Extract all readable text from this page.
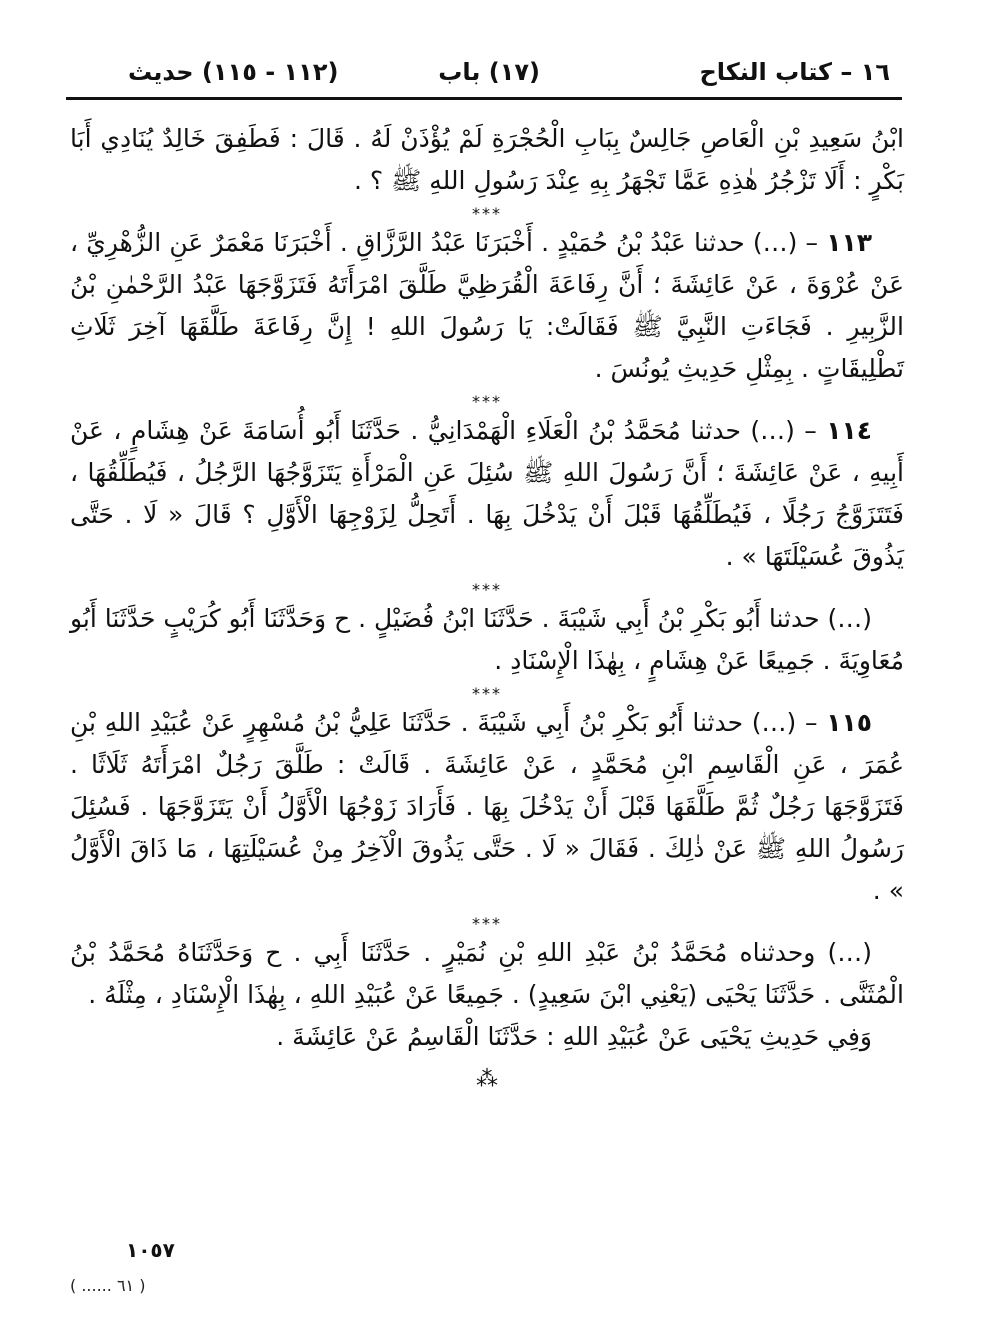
١٦ – كتاب النكاح
(١٧) باب
(١١٢ - ١١٥) حديث

ابْنُ سَعِيدِ بْنِ الْعَاصِ جَالِسٌ بِبَابِ الْحُجْرَةِ لَمْ يُؤْذَنْ لَهُ . قَالَ : فَطَفِقَ خَالِدٌ يُنَادِي أَبَا بَكْرٍ : أَلَا تَزْجُرُ هٰذِهِ عَمَّا تَجْهَرُ بِهِ عِنْدَ رَسُولِ اللهِ ﷺ ؟ .

***

١١٣ – (…) حدثنا عَبْدُ بْنُ حُمَيْدٍ . أَخْبَرَنَا عَبْدُ الرَّزَّاقِ . أَخْبَرَنَا مَعْمَرٌ عَنِ الزُّهْرِيِّ ، عَنْ عُرْوَةَ ، عَنْ عَائِشَةَ ؛ أَنَّ رِفَاعَةَ الْقُرَظِيَّ طَلَّقَ امْرَأَتَهُ فَتَزَوَّجَهَا عَبْدُ الرَّحْمٰنِ بْنُ الزَّبِيرِ . فَجَاءَتِ النَّبِيَّ ﷺ فَقَالَتْ: يَا رَسُولَ اللهِ ! إِنَّ رِفَاعَةَ طَلَّقَهَا آخِرَ ثَلَاثِ تَطْلِيقَاتٍ . بِمِثْلِ حَدِيثِ يُونُسَ .

***

١١٤ – (…) حدثنا مُحَمَّدُ بْنُ الْعَلَاءِ الْهَمْدَانِيُّ . حَدَّثَنَا أَبُو أُسَامَةَ عَنْ هِشَامٍ ، عَنْ أَبِيهِ ، عَنْ عَائِشَةَ ؛ أَنَّ رَسُولَ اللهِ ﷺ سُئِلَ عَنِ الْمَرْأَةِ يَتَزَوَّجُهَا الرَّجُلُ ، فَيُطَلِّقُهَا ، فَتَتَزَوَّجُ رَجُلًا ، فَيُطَلِّقُهَا قَبْلَ أَنْ يَدْخُلَ بِهَا . أَتَحِلُّ لِزَوْجِهَا الْأَوَّلِ ؟ قَالَ « لَا . حَتَّى يَذُوقَ عُسَيْلَتَهَا » .

***

(…) حدثنا أَبُو بَكْرِ بْنُ أَبِي شَيْبَةَ . حَدَّثَنَا ابْنُ فُضَيْلٍ . ح وَحَدَّثَنَا أَبُو كُرَيْبٍ حَدَّثَنَا أَبُو مُعَاوِيَةَ . جَمِيعًا عَنْ هِشَامٍ ، بِهٰذَا الْإِسْنَادِ .

***

١١٥ – (…) حدثنا أَبُو بَكْرِ بْنُ أَبِي شَيْبَةَ . حَدَّثَنَا عَلِيُّ بْنُ مُسْهِرٍ عَنْ عُبَيْدِ اللهِ بْنِ عُمَرَ ، عَنِ الْقَاسِمِ ابْنِ مُحَمَّدٍ ، عَنْ عَائِشَةَ . قَالَتْ : طَلَّقَ رَجُلٌ امْرَأَتَهُ ثَلَاثًا . فَتَزَوَّجَهَا رَجُلٌ ثُمَّ طَلَّقَهَا قَبْلَ أَنْ يَدْخُلَ بِهَا . فَأَرَادَ زَوْجُهَا الْأَوَّلُ أَنْ يَتَزَوَّجَهَا . فَسُئِلَ رَسُولُ اللهِ ﷺ عَنْ ذٰلِكَ . فَقَالَ « لَا . حَتَّى يَذُوقَ الْآخِرُ مِنْ عُسَيْلَتِهَا ، مَا ذَاقَ الْأَوَّلُ » .

***

(…) وحدثناه مُحَمَّدُ بْنُ عَبْدِ اللهِ بْنِ نُمَيْرٍ . حَدَّثَنَا أَبِي . ح وَحَدَّثَنَاهُ مُحَمَّدُ بْنُ الْمُثَنَّى . حَدَّثَنَا يَحْيَى (يَعْنِي ابْنَ سَعِيدٍ) . جَمِيعًا عَنْ عُبَيْدِ اللهِ ، بِهٰذَا الْإِسْنَادِ ، مِثْلَهُ .

وَفِي حَدِيثِ يَحْيَى عَنْ عُبَيْدِ اللهِ : حَدَّثَنَا الْقَاسِمُ عَنْ عَائِشَةَ .

⁂
١٠٥٧
( ٦١ ...... )
